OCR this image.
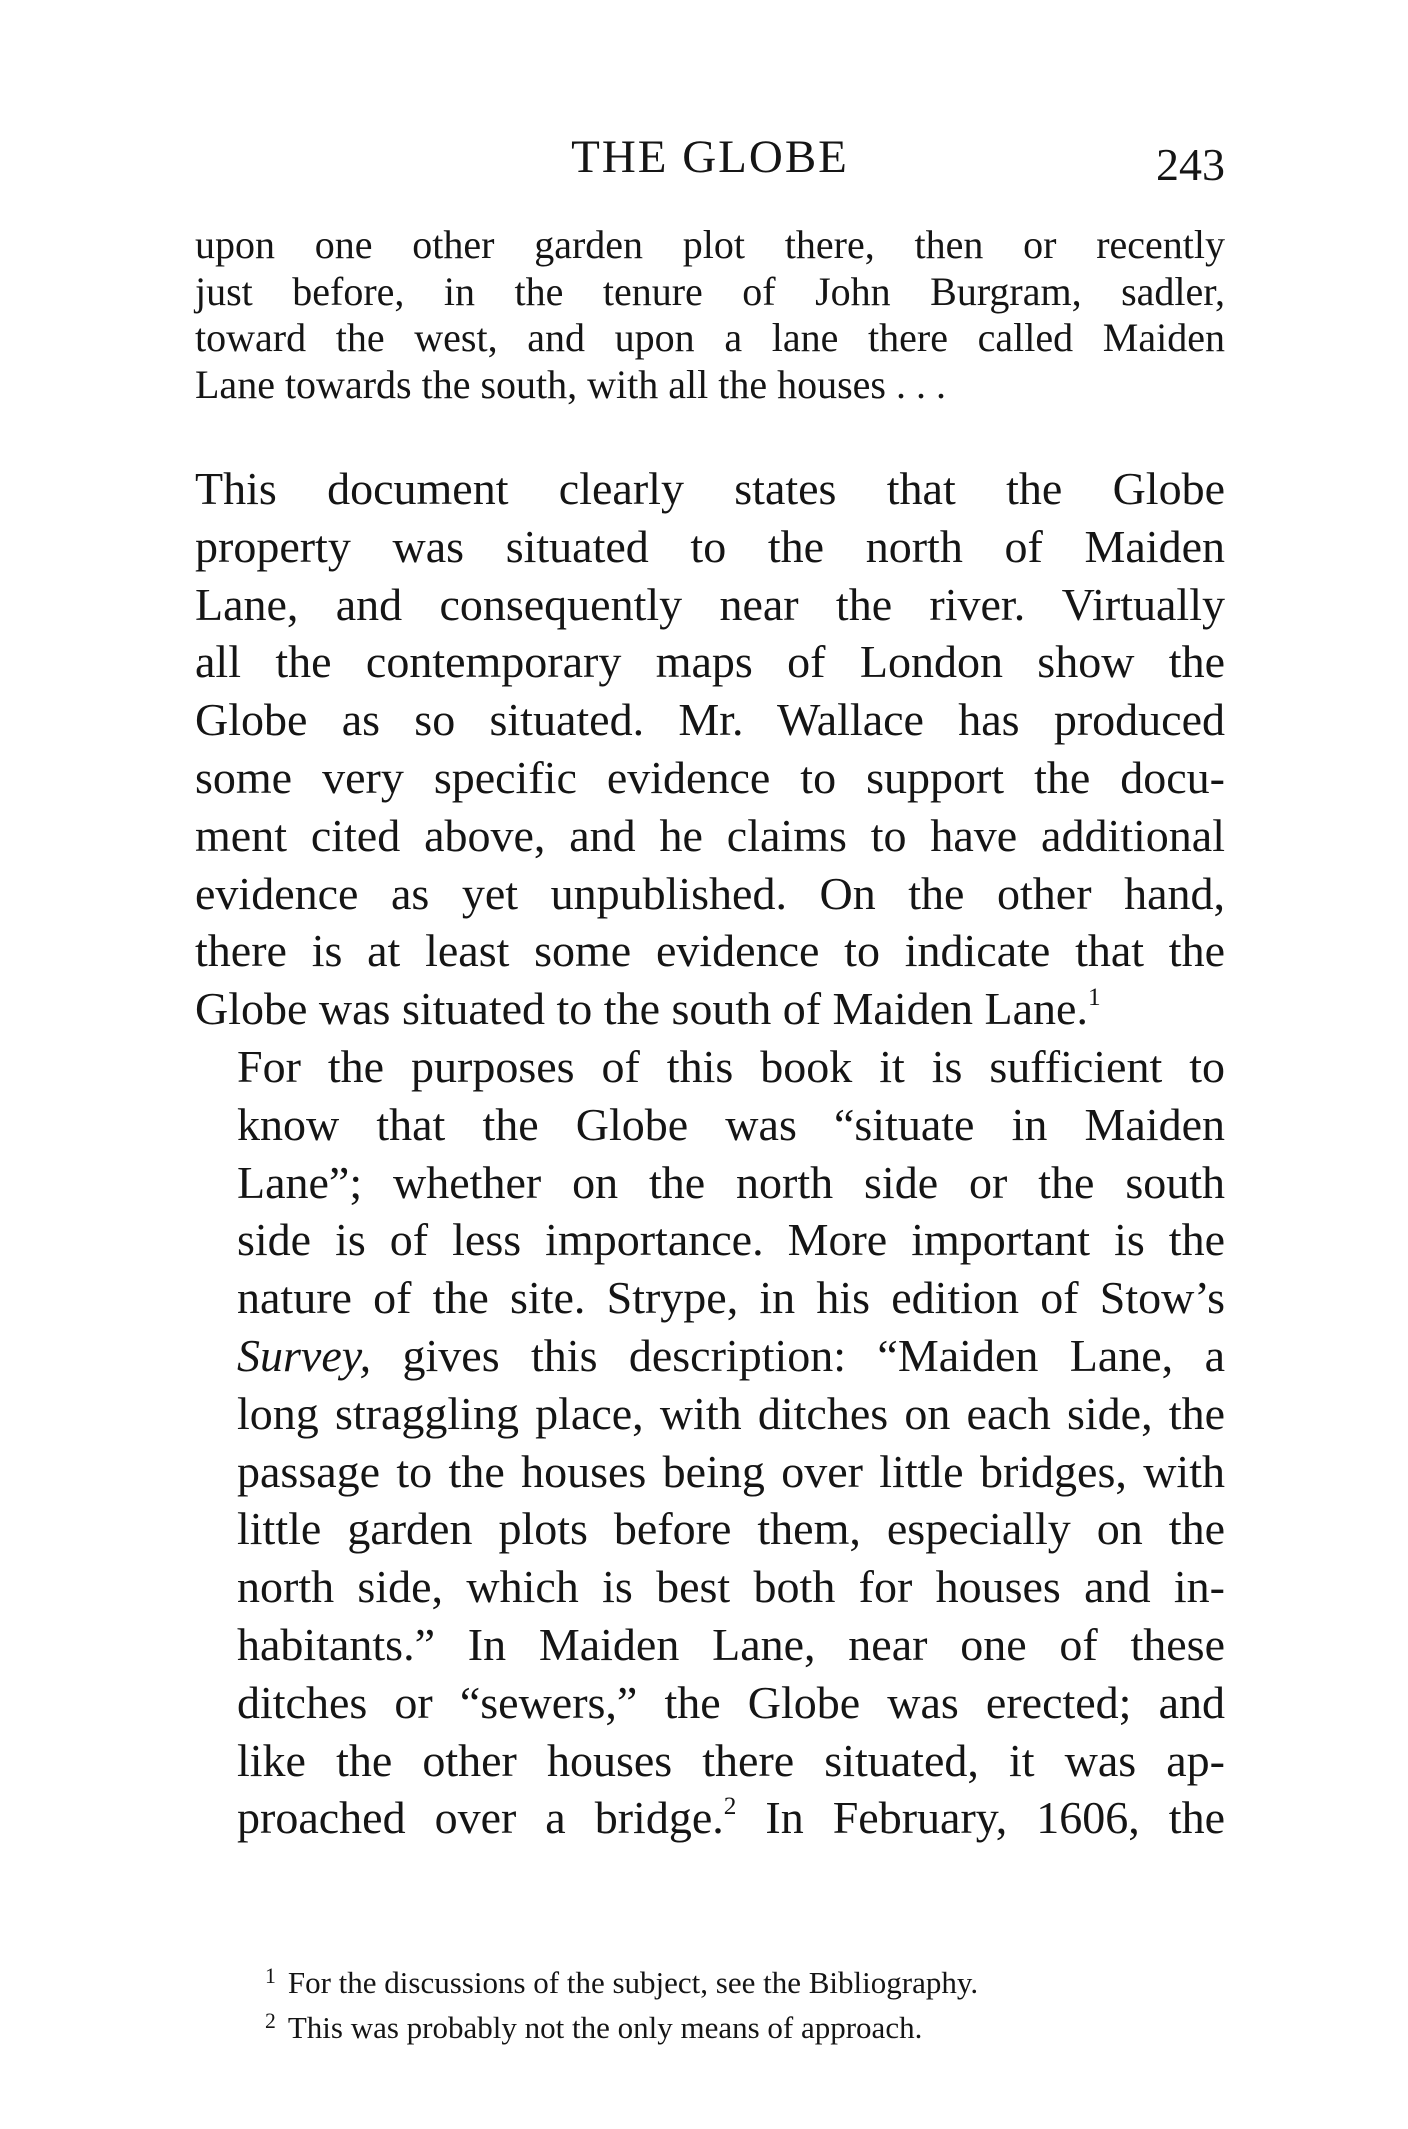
THE GLOBE	243
upon one other garden plot there, then or recently
just before, in the tenure of John Burgram, sadler,
toward the west, and upon a lane there called Maiden
Lane towards the south, with all the houses . . .
This document clearly states that the Globe
property was situated to the north of Maiden
Lane, and consequently near the river. Virtually
all the contemporary maps of London show the
Globe as so situated. Mr. Wallace has produced
some very specific evidence to support the docu-
ment cited above, and he claims to have additional
evidence as yet unpublished. On the other hand,
there is at least some evidence to indicate that the
Globe was situated to the south of Maiden Lane.$^1$
For the purposes of this book it is sufficient to
know that the Globe was “situate in Maiden
Lane”; whether on the north side or the south
side is of less importance. More important is the
nature of the site. Strype, in his edition of Stow’s
Survey, gives this description: “Maiden Lane, a
long straggling place, with ditches on each side, the
passage to the houses being over little bridges, with
little garden plots before them, especially on the
north side, which is best both for houses and in-
habitants.” In Maiden Lane, near one of these
ditches or “sewers,” the Globe was erected; and
like the other houses there situated, it was ap-
proached over a bridge.$^2$ In February, 1606, the
$^1$ For the discussions of the subject, see the Bibliography.
$^2$ This was probably not the only means of approach.
